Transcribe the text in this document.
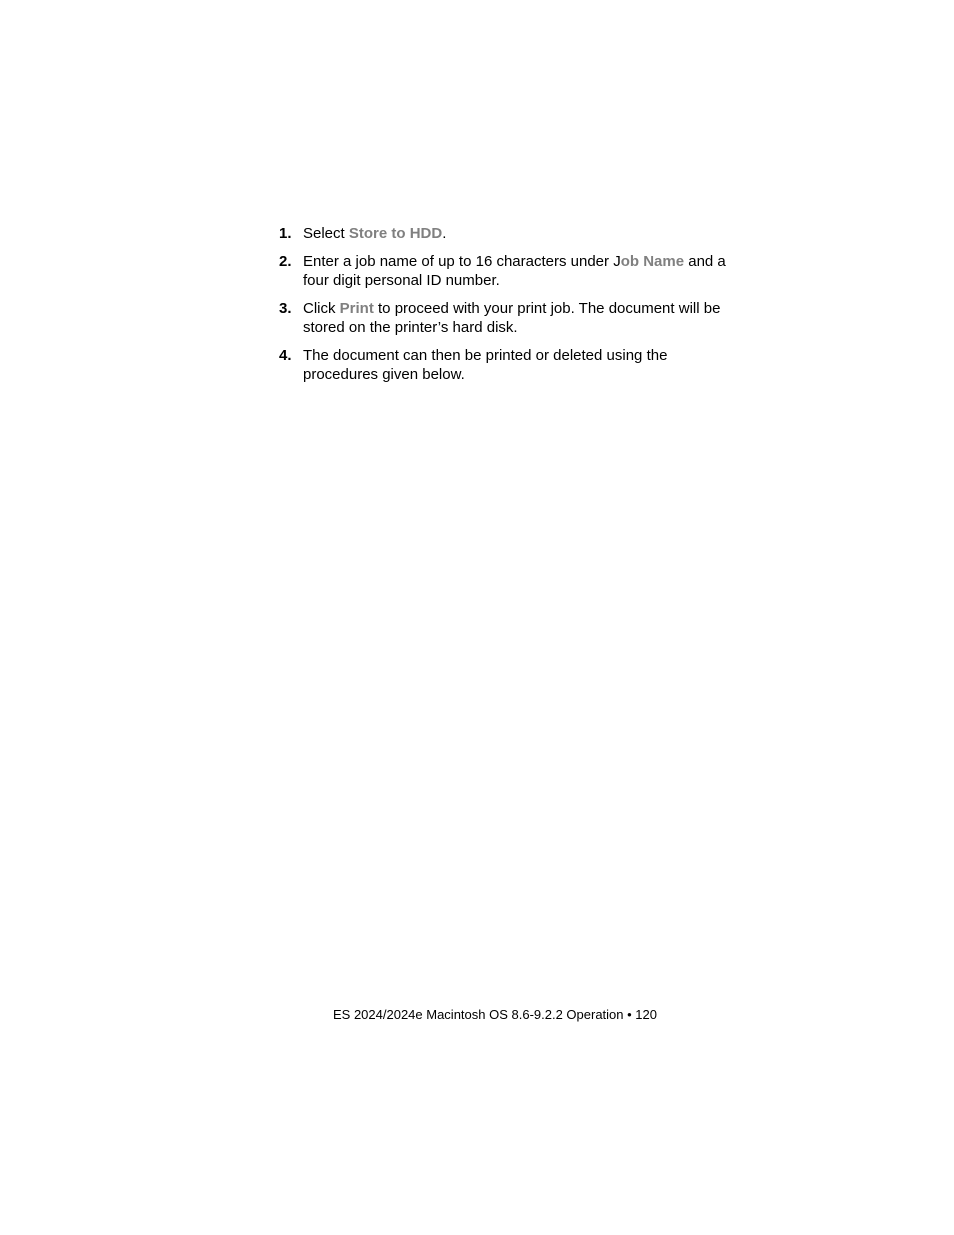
1. Select Store to HDD.
2. Enter a job name of up to 16 characters under Job Name and a four digit personal ID number.
3. Click Print to proceed with your print job. The document will be stored on the printer’s hard disk.
4. The document can then be printed or deleted using the procedures given below.
ES 2024/2024e Macintosh OS 8.6-9.2.2 Operation • 120
